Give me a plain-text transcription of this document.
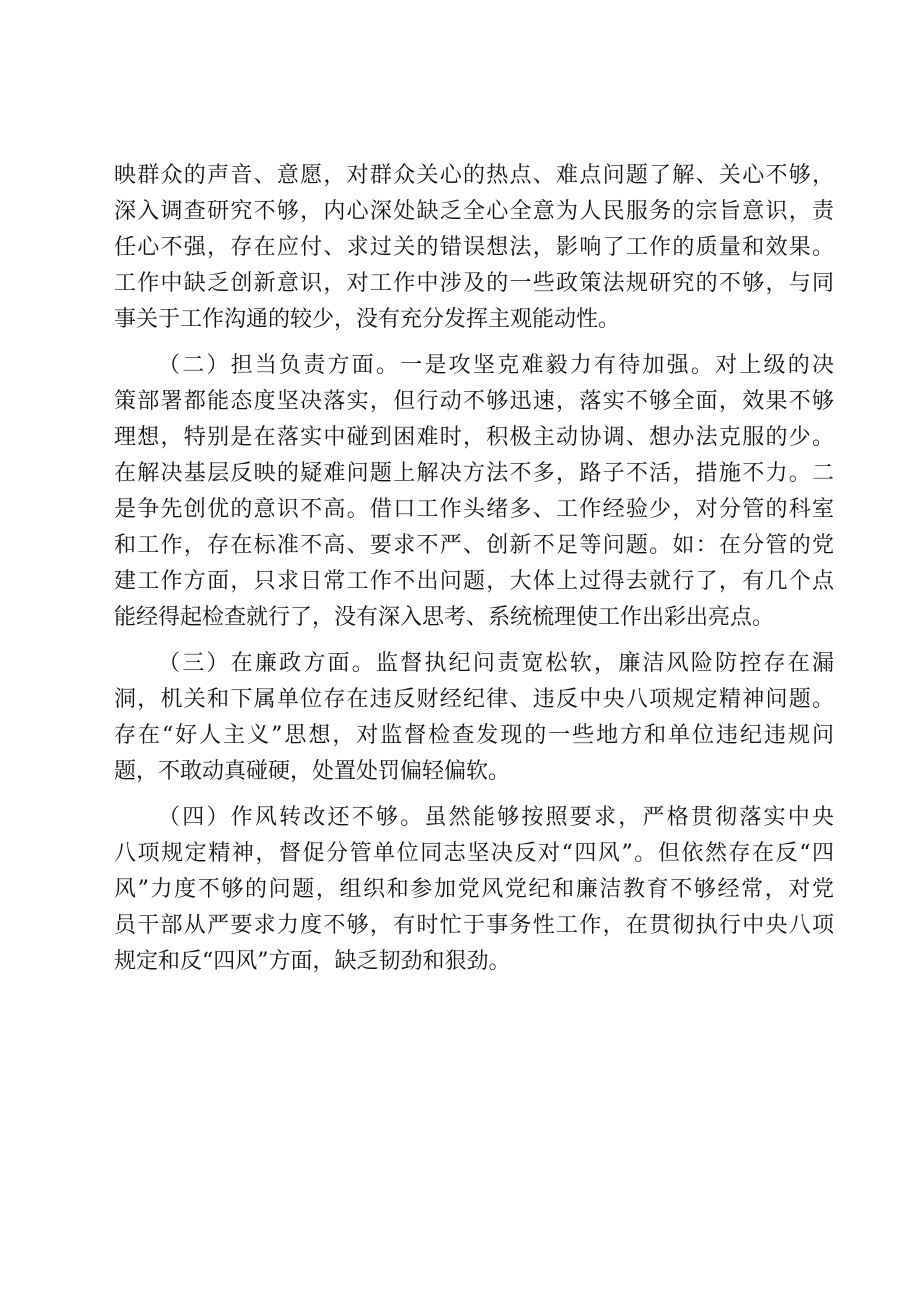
映群众的声音、意愿，对群众关心的热点、难点问题了解、关心不够，
深入调查研究不够，内心深处缺乏全心全意为人民服务的宗旨意识，责
任心不强，存在应付、求过关的错误想法，影响了工作的质量和效果。
工作中缺乏创新意识，对工作中涉及的一些政策法规研究的不够，与同
事关于工作沟通的较少，没有充分发挥主观能动性。
（二）担当负责方面。一是攻坚克难毅力有待加强。对上级的决
策部署都能态度坚决落实，但行动不够迅速，落实不够全面，效果不够
理想，特别是在落实中碰到困难时，积极主动协调、想办法克服的少。
在解决基层反映的疑难问题上解决方法不多，路子不活，措施不力。二
是争先创优的意识不高。借口工作头绪多、工作经验少，对分管的科室
和工作，存在标准不高、要求不严、创新不足等问题。如：在分管的党
建工作方面，只求日常工作不出问题，大体上过得去就行了，有几个点
能经得起检查就行了，没有深入思考、系统梳理使工作出彩出亮点。
（三）在廉政方面。监督执纪问责宽松软，廉洁风险防控存在漏
洞，机关和下属单位存在违反财经纪律、违反中央八项规定精神问题。
存在“好人主义”思想，对监督检查发现的一些地方和单位违纪违规问
题，不敢动真碰硬，处置处罚偏轻偏软。
（四）作风转改还不够。虽然能够按照要求，严格贯彻落实中央
八项规定精神，督促分管单位同志坚决反对“四风”。但依然存在反“四
风”力度不够的问题，组织和参加党风党纪和廉洁教育不够经常，对党
员干部从严要求力度不够，有时忙于事务性工作，在贯彻执行中央八项
规定和反“四风”方面，缺乏韧劲和狠劲。
